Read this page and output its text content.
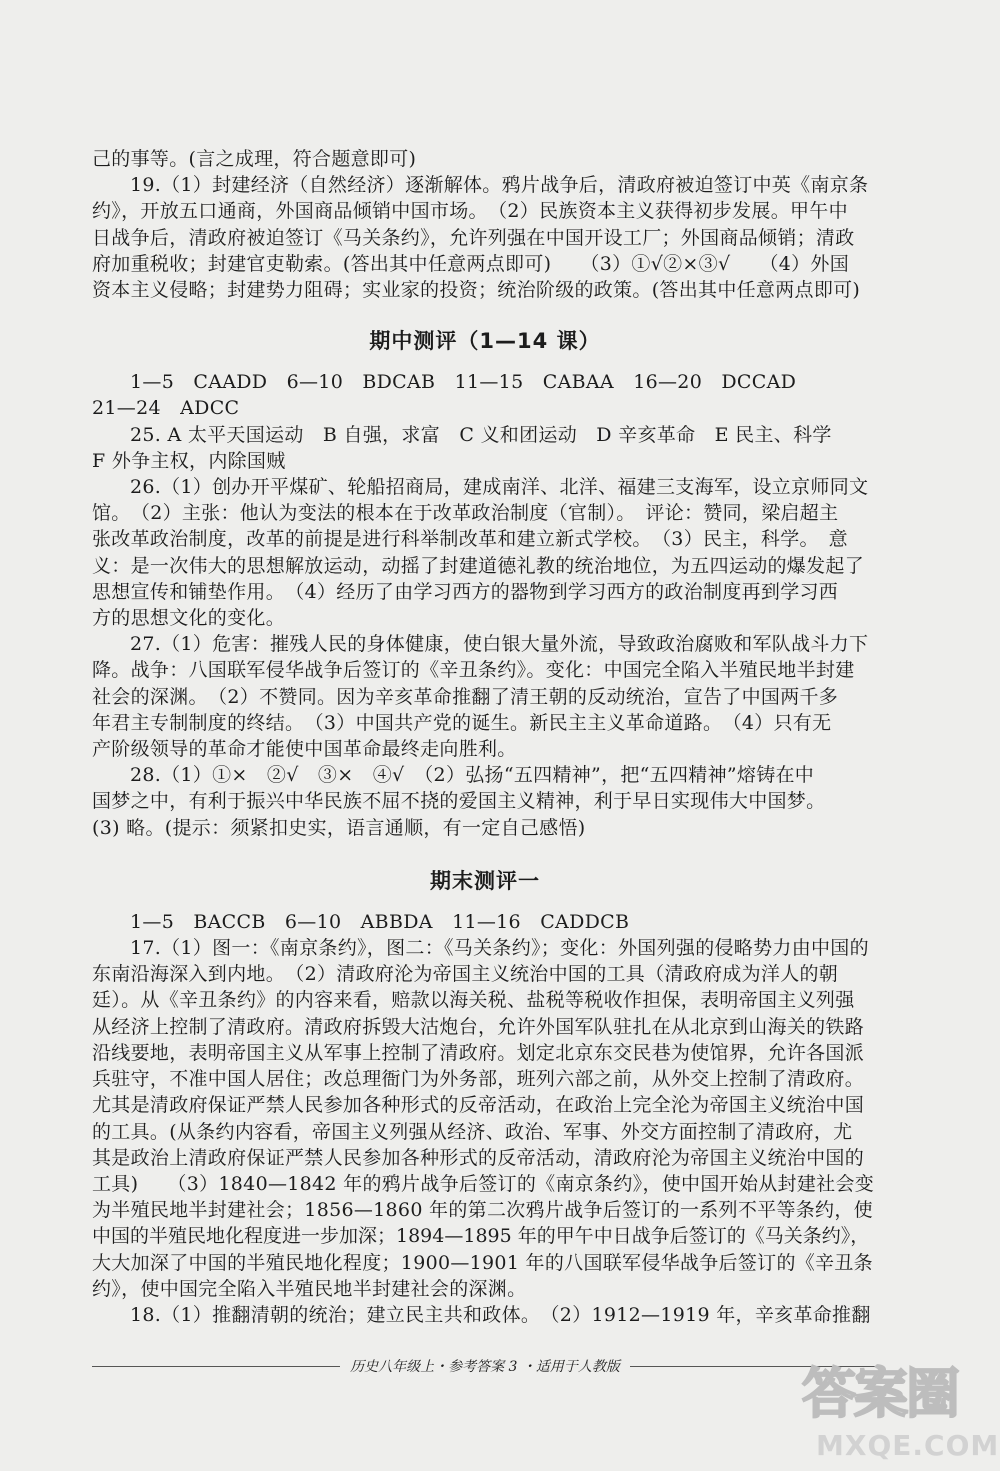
己的事等。(言之成理，符合题意即可)

19.（1）封建经济（自然经济）逐渐解体。鸦片战争后，清政府被迫签订中英《南京条

约》，开放五口通商，外国商品倾销中国市场。　（2）民族资本主义获得初步发展。甲午中

日战争后，清政府被迫签订《马关条约》，允许列强在中国开设工厂；外国商品倾销；清政

府加重税收；封建官吏勒索。(答出其中任意两点即可)　　（3）①√②×③√　　（4）外国

资本主义侵略；封建势力阻碍；实业家的投资；统治阶级的政策。(答出其中任意两点即可)

期中测评（1—14 课）

1—5　CAADD　6—10　BDCAB　11—15　CABAA　16—20　DCCAD

21—24　ADCC

25. A 太平天国运动　B 自强，求富　C 义和团运动　D 辛亥革命　E 民主、科学

F 外争主权，内除国贼

26.（1）创办开平煤矿、轮船招商局，建成南洋、北洋、福建三支海军，设立京师同文

馆。　（2）主张：他认为变法的根本在于改革政治制度（官制）。　评论：赞同，梁启超主

张改革政治制度，改革的前提是进行科举制改革和建立新式学校。　（3）民主，科学。　意

义：是一次伟大的思想解放运动，动摇了封建道德礼教的统治地位，为五四运动的爆发起了

思想宣传和铺垫作用。　（4）经历了由学习西方的器物到学习西方的政治制度再到学习西

方的思想文化的变化。

27.（1）危害：摧残人民的身体健康，使白银大量外流，导致政治腐败和军队战斗力下

降。战争：八国联军侵华战争后签订的《辛丑条约》。变化：中国完全陷入半殖民地半封建

社会的深渊。　（2）不赞同。因为辛亥革命推翻了清王朝的反动统治，宣告了中国两千多

年君主专制制度的终结。　（3）中国共产党的诞生。新民主主义革命道路。　（4）只有无

产阶级领导的革命才能使中国革命最终走向胜利。

28.（1）①×　②√　③×　④√　（2）弘扬“五四精神”，把“五四精神”熔铸在中

国梦之中，有利于振兴中华民族不屈不挠的爱国主义精神，利于早日实现伟大中国梦。

(3) 略。(提示：须紧扣史实，语言通顺，有一定自己感悟)

期末测评一

1—5　BACCB　6—10　ABBDA　11—16　CADDCB

17.（1）图一：《南京条约》，图二：《马关条约》；变化：外国列强的侵略势力由中国的

东南沿海深入到内地。　（2）清政府沦为帝国主义统治中国的工具（清政府成为洋人的朝

廷）。从《辛丑条约》的内容来看，赔款以海关税、盐税等税收作担保，表明帝国主义列强

从经济上控制了清政府。清政府拆毁大沽炮台，允许外国军队驻扎在从北京到山海关的铁路

沿线要地，表明帝国主义从军事上控制了清政府。划定北京东交民巷为使馆界，允许各国派

兵驻守，不准中国人居住；改总理衙门为外务部，班列六部之前，从外交上控制了清政府。

尤其是清政府保证严禁人民参加各种形式的反帝活动，在政治上完全沦为帝国主义统治中国

的工具。(从条约内容看，帝国主义列强从经济、政治、军事、外交方面控制了清政府，尤

其是政治上清政府保证严禁人民参加各种形式的反帝活动，清政府沦为帝国主义统治中国的

工具)　　（3）1840—1842 年的鸦片战争后签订的《南京条约》，使中国开始从封建社会变

为半殖民地半封建社会；1856—1860 年的第二次鸦片战争后签订的一系列不平等条约，使

中国的半殖民地化程度进一步加深；1894—1895 年的甲午中日战争后签订的《马关条约》，

大大加深了中国的半殖民地化程度；1900—1901 年的八国联军侵华战争后签订的《辛丑条

约》，使中国完全陷入半殖民地半封建社会的深渊。

18.（1）推翻清朝的统治；建立民主共和政体。　（2）1912—1919 年，辛亥革命推翻

历史八年级上・参考答案 3 ・适用于人教版	答案圈
MXQE.COM
